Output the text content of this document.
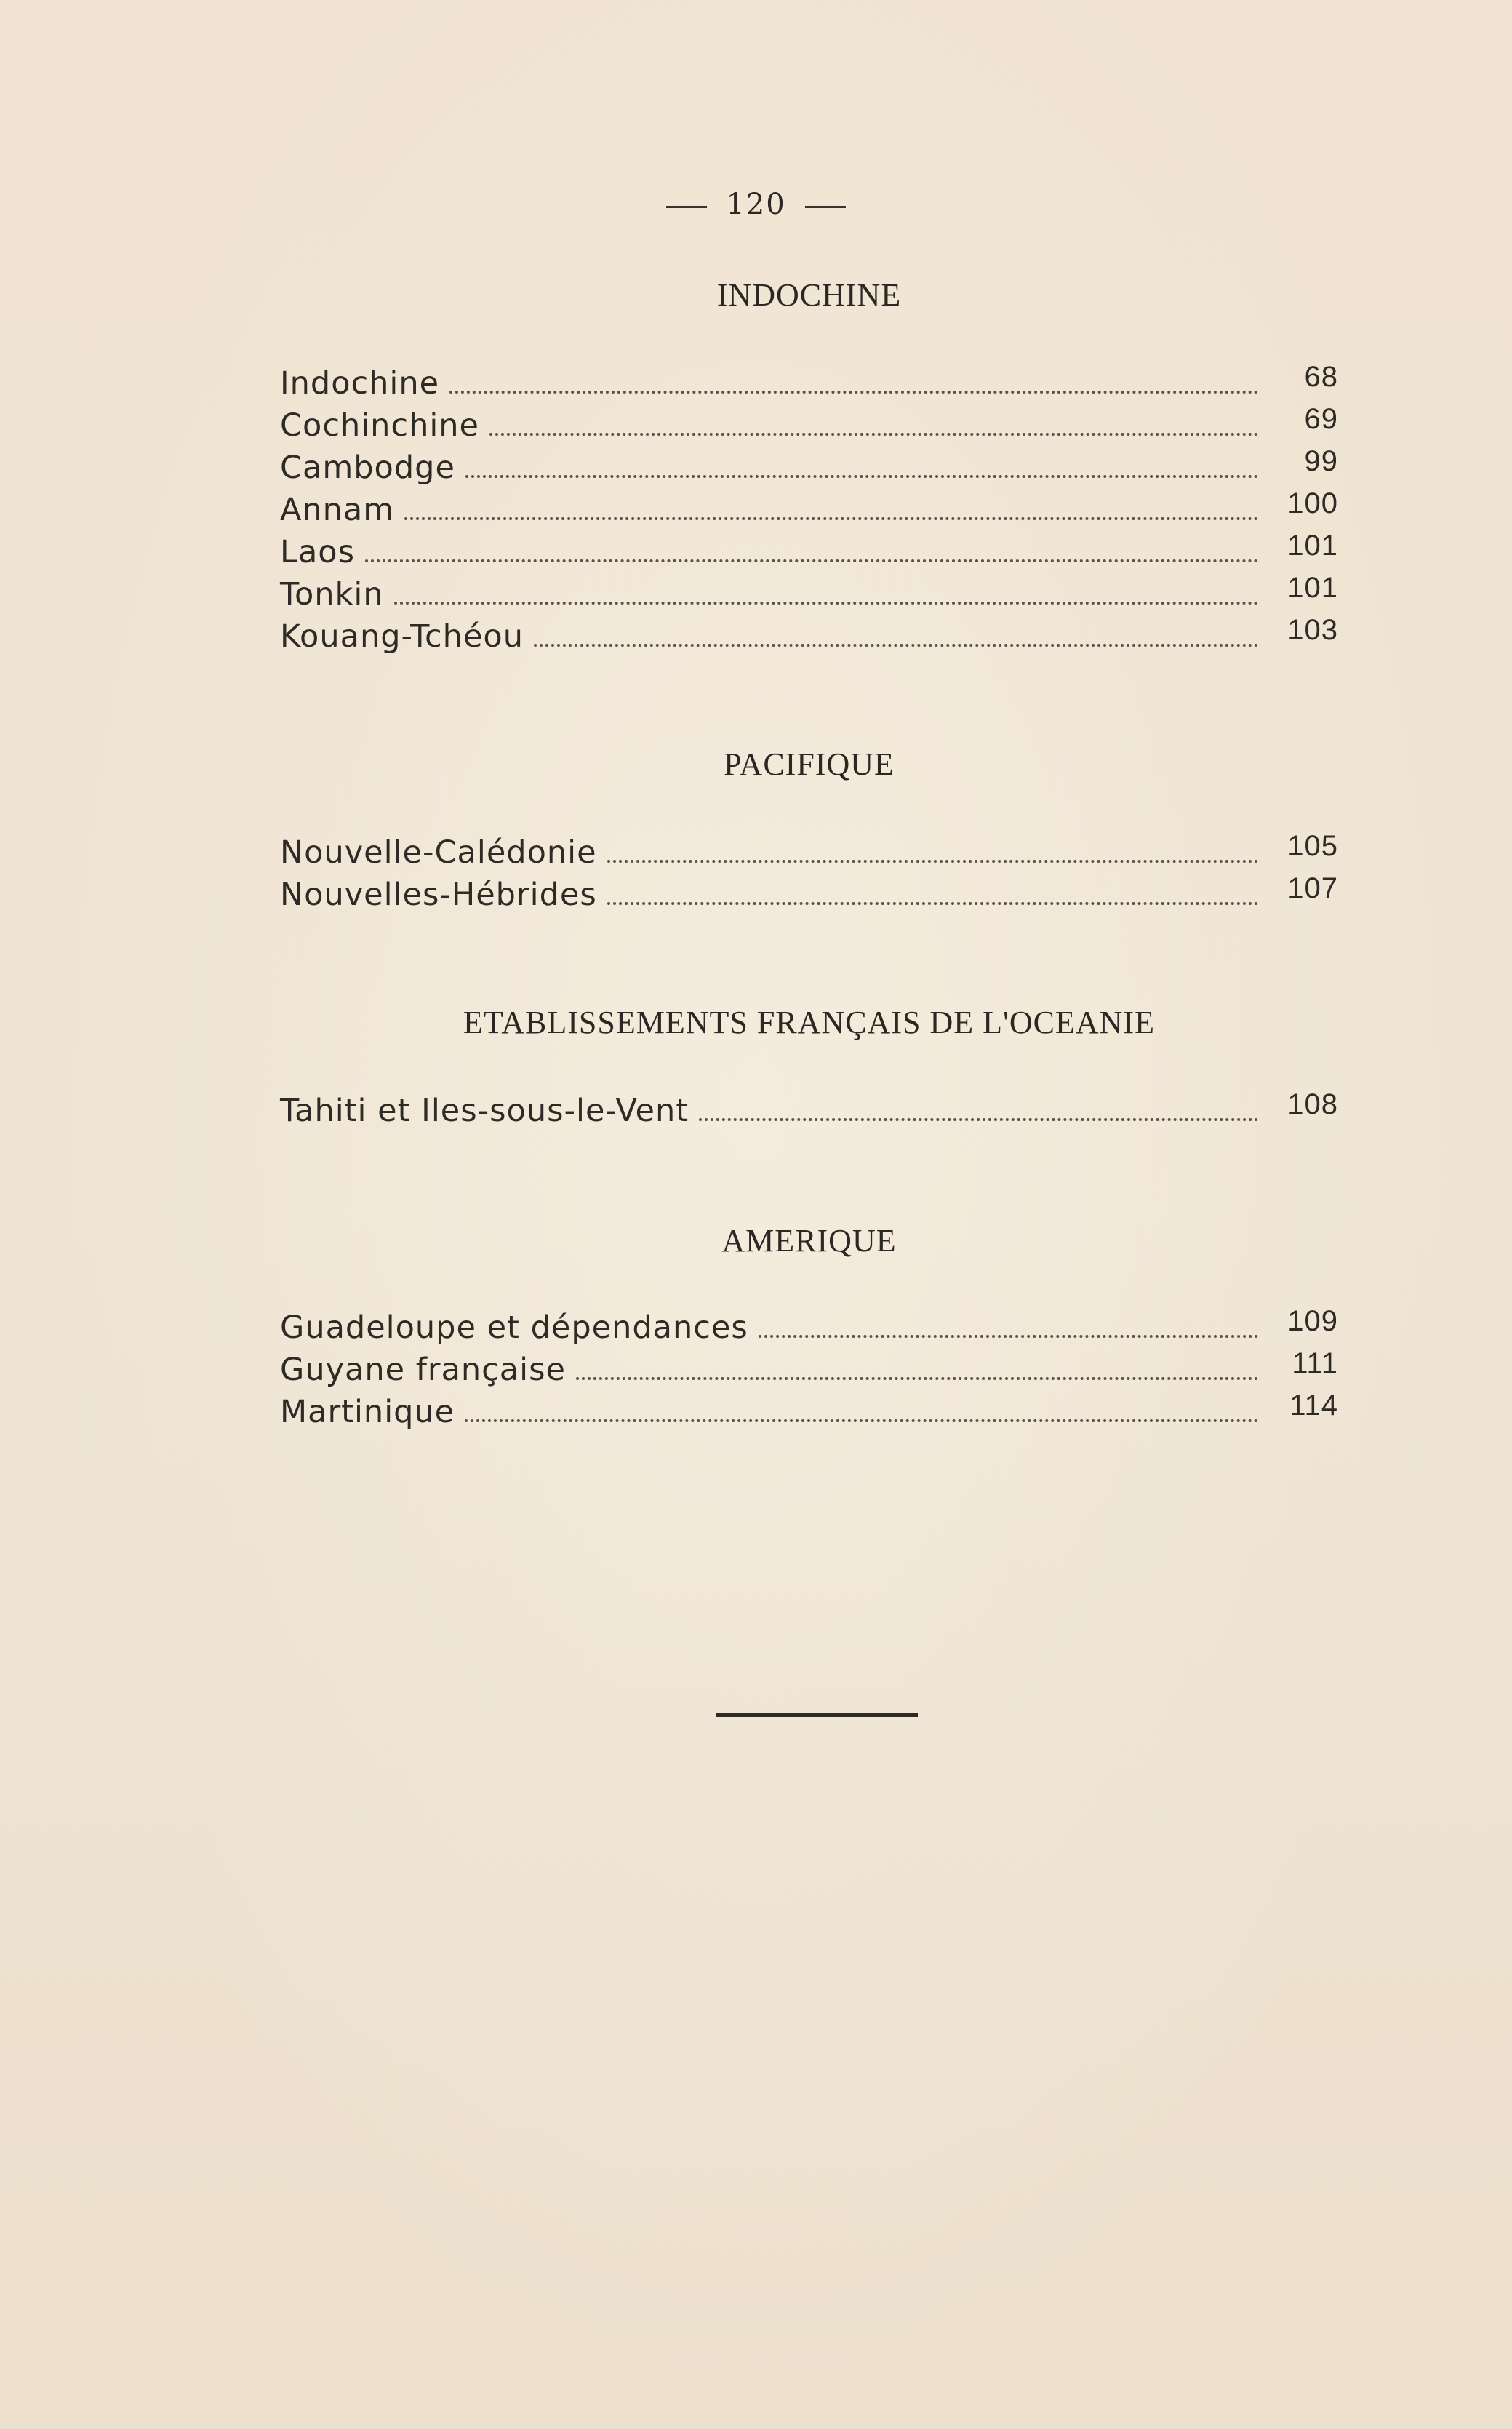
120
INDOCHINE
Indochine	68
Cochinchine	69
Cambodge	99
Annam	100
Laos	101
Tonkin	101
Kouang-Tchéou	103
PACIFIQUE
Nouvelle-Calédonie	105
Nouvelles-Hébrides	107
ETABLISSEMENTS FRANÇAIS DE L'OCEANIE
Tahiti et Iles-sous-le-Vent	108
AMERIQUE
Guadeloupe et dépendances	109
Guyane française	111
Martinique	114
